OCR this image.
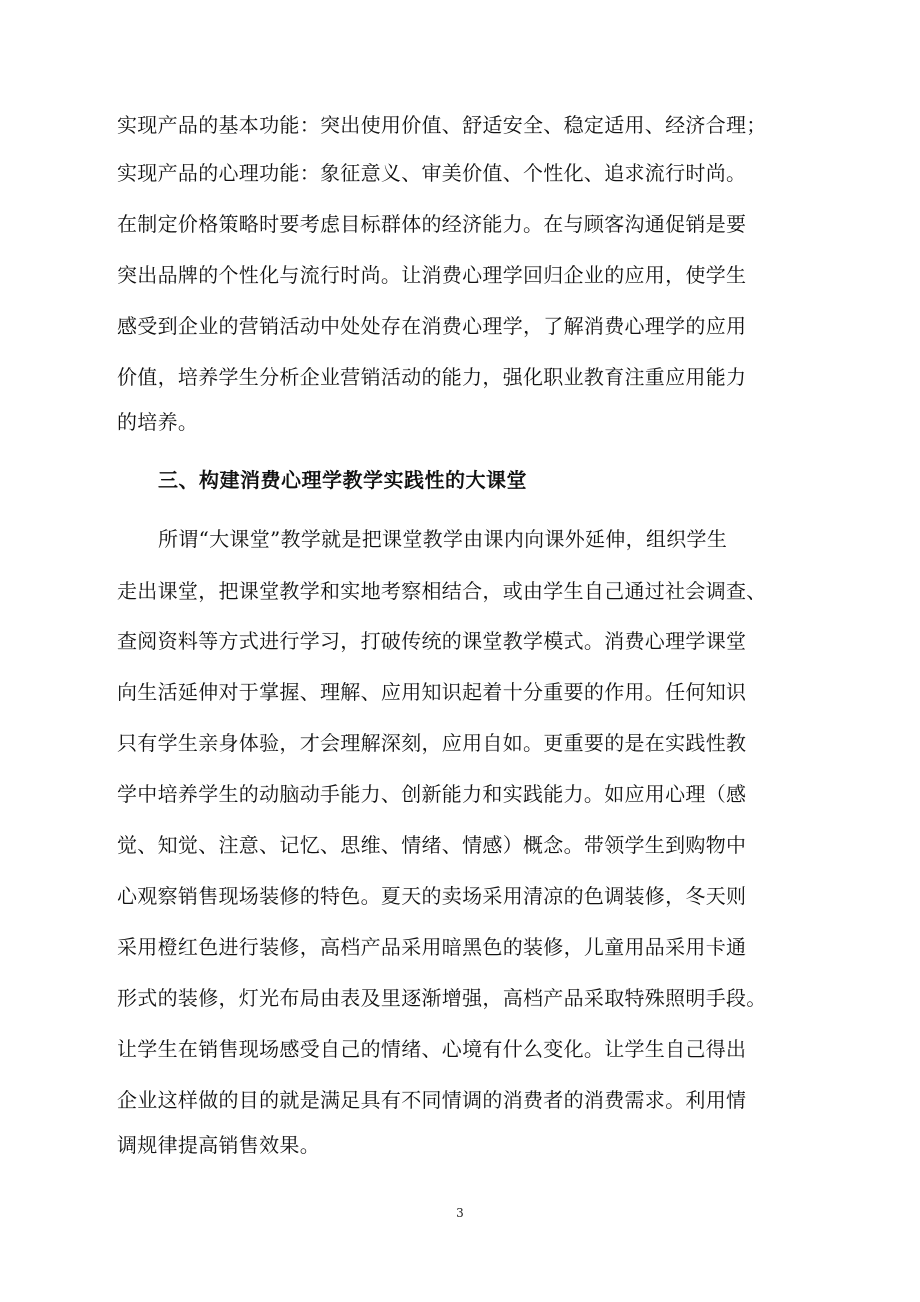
实现产品的基本功能：突出使用价值、舒适安全、稳定适用、经济合理；
实现产品的心理功能：象征意义、审美价值、个性化、追求流行时尚。
在制定价格策略时要考虑目标群体的经济能力。在与顾客沟通促销是要
突出品牌的个性化与流行时尚。让消费心理学回归企业的应用，使学生
感受到企业的营销活动中处处存在消费心理学，了解消费心理学的应用
价值，培养学生分析企业营销活动的能力，强化职业教育注重应用能力
的培养。
三、构建消费心理学教学实践性的大课堂
所谓“大课堂”教学就是把课堂教学由课内向课外延伸，组织学生
走出课堂，把课堂教学和实地考察相结合，或由学生自己通过社会调查、
查阅资料等方式进行学习，打破传统的课堂教学模式。消费心理学课堂
向生活延伸对于掌握、理解、应用知识起着十分重要的作用。任何知识
只有学生亲身体验，才会理解深刻，应用自如。更重要的是在实践性教
学中培养学生的动脑动手能力、创新能力和实践能力。如应用心理（感
觉、知觉、注意、记忆、思维、情绪、情感）概念。带领学生到购物中
心观察销售现场装修的特色。夏天的卖场采用清凉的色调装修，冬天则
采用橙红色进行装修，高档产品采用暗黑色的装修，儿童用品采用卡通
形式的装修，灯光布局由表及里逐渐增强，高档产品采取特殊照明手段。
让学生在销售现场感受自己的情绪、心境有什么变化。让学生自己得出
企业这样做的目的就是满足具有不同情调的消费者的消费需求。利用情
调规律提高销售效果。
3
